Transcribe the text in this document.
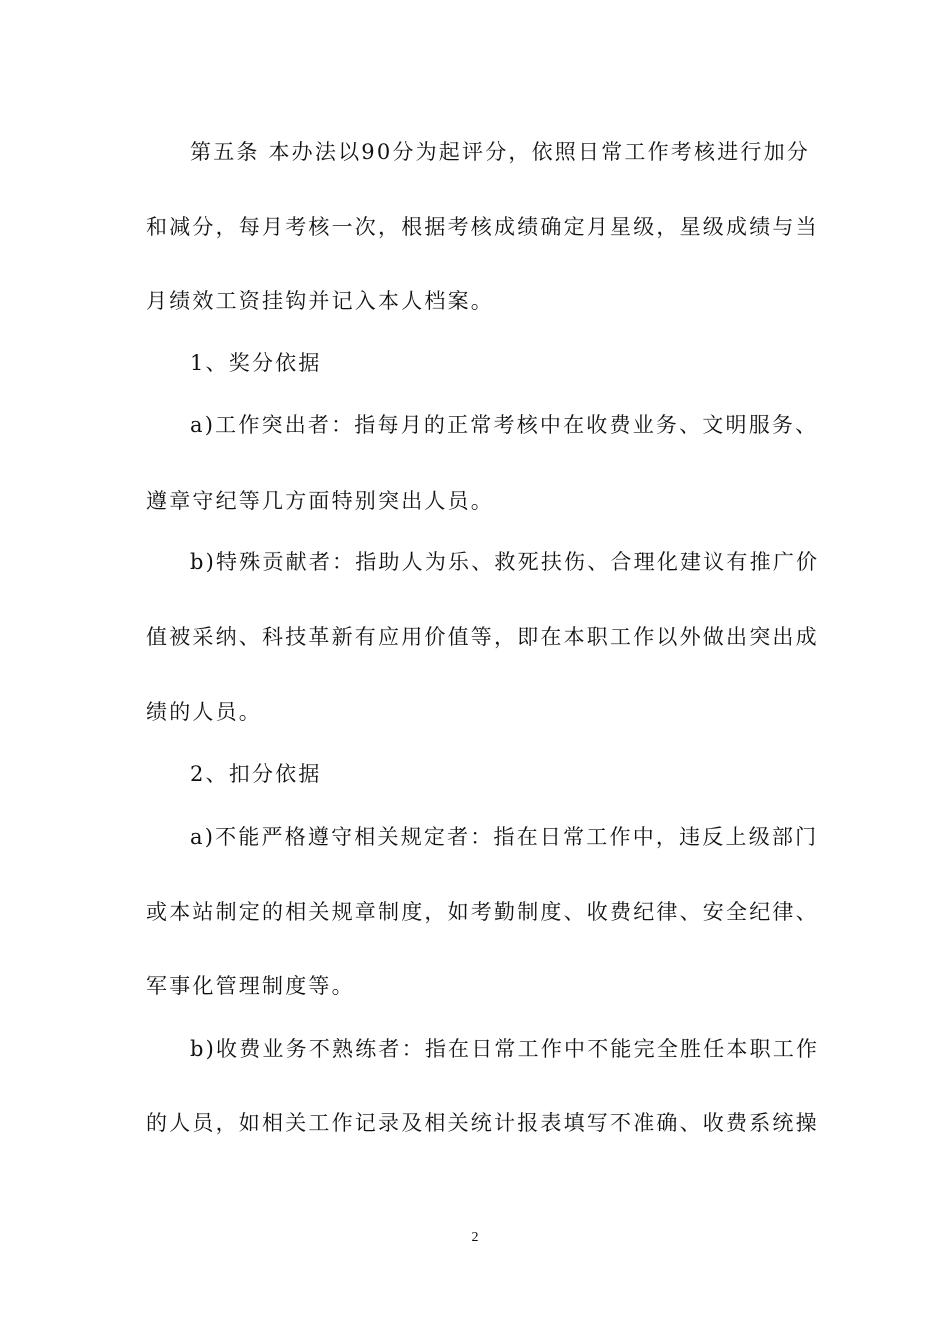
第五条 本办法以90分为起评分，依照日常工作考核进行加分
和减分，每月考核一次，根据考核成绩确定月星级，星级成绩与当
月绩效工资挂钩并记入本人档案。
1、奖分依据
a)工作突出者：指每月的正常考核中在收费业务、文明服务、
遵章守纪等几方面特别突出人员。
b)特殊贡献者：指助人为乐、救死扶伤、合理化建议有推广价
值被采纳、科技革新有应用价值等，即在本职工作以外做出突出成
绩的人员。
2、扣分依据
a)不能严格遵守相关规定者：指在日常工作中，违反上级部门
或本站制定的相关规章制度，如考勤制度、收费纪律、安全纪律、
军事化管理制度等。
b)收费业务不熟练者：指在日常工作中不能完全胜任本职工作
的人员，如相关工作记录及相关统计报表填写不准确、收费系统操
2
